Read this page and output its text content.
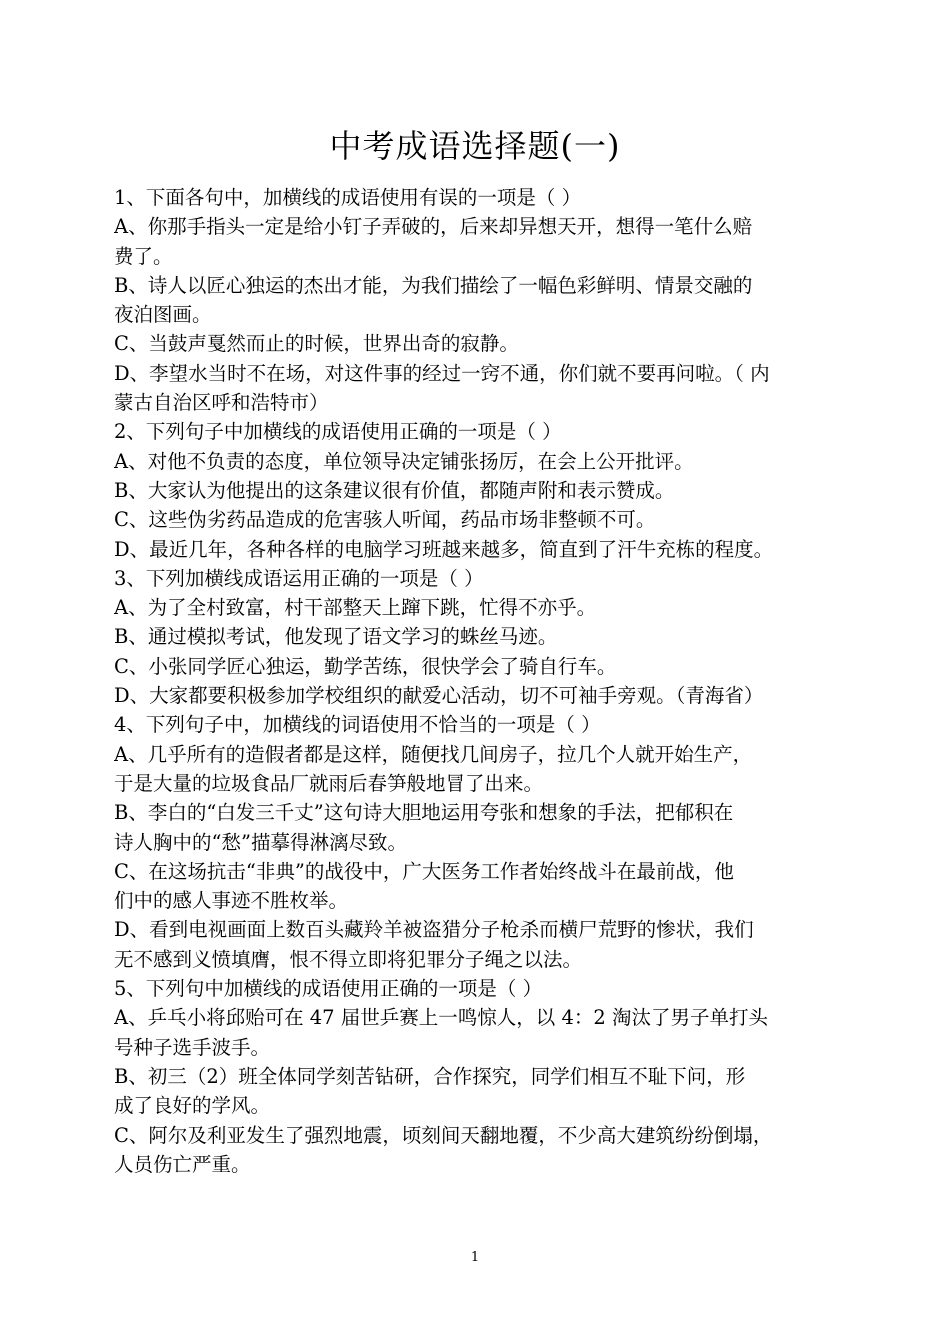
中考成语选择题(一)
1、下面各句中，加横线的成语使用有误的一项是（ ）
A、你那手指头一定是给小钉子弄破的，后来却异想天开，想得一笔什么赔
费了。
B、诗人以匠心独运的杰出才能，为我们描绘了一幅色彩鲜明、情景交融的
夜泊图画。
C、当鼓声戛然而止的时候，世界出奇的寂静。
D、李望水当时不在场，对这件事的经过一窍不通，你们就不要再问啦。（ 内
蒙古自治区呼和浩特市）
2、下列句子中加横线的成语使用正确的一项是（ ）
A、对他不负责的态度，单位领导决定铺张扬厉，在会上公开批评。
B、大家认为他提出的这条建议很有价值，都随声附和表示赞成。
C、这些伪劣药品造成的危害骇人听闻，药品市场非整顿不可。
D、最近几年，各种各样的电脑学习班越来越多，简直到了汗牛充栋的程度。
3、下列加横线成语运用正确的一项是（ ）
A、为了全村致富，村干部整天上蹿下跳，忙得不亦乎。
B、通过模拟考试，他发现了语文学习的蛛丝马迹。
C、小张同学匠心独运，勤学苦练，很快学会了骑自行车。
D、大家都要积极参加学校组织的献爱心活动，切不可袖手旁观。（青海省）
4、下列句子中，加横线的词语使用不恰当的一项是（ ）
A、几乎所有的造假者都是这样，随便找几间房子，拉几个人就开始生产，
于是大量的垃圾食品厂就雨后春笋般地冒了出来。
B、李白的“白发三千丈”这句诗大胆地运用夸张和想象的手法，把郁积在
诗人胸中的“愁”描摹得淋漓尽致。
C、在这场抗击“非典”的战役中，广大医务工作者始终战斗在最前战，他
们中的感人事迹不胜枚举。
D、看到电视画面上数百头藏羚羊被盗猎分子枪杀而横尸荒野的惨状，我们
无不感到义愤填膺，恨不得立即将犯罪分子绳之以法。
5、下列句中加横线的成语使用正确的一项是（ ）
A、乒乓小将邱贻可在 47 届世乒赛上一鸣惊人，以 4：2 淘汰了男子单打头
号种子选手波手。
B、初三（2）班全体同学刻苦钻研，合作探究，同学们相互不耻下问，形
成了良好的学风。
C、阿尔及利亚发生了强烈地震，顷刻间天翻地覆，不少高大建筑纷纷倒塌，
人员伤亡严重。
1
